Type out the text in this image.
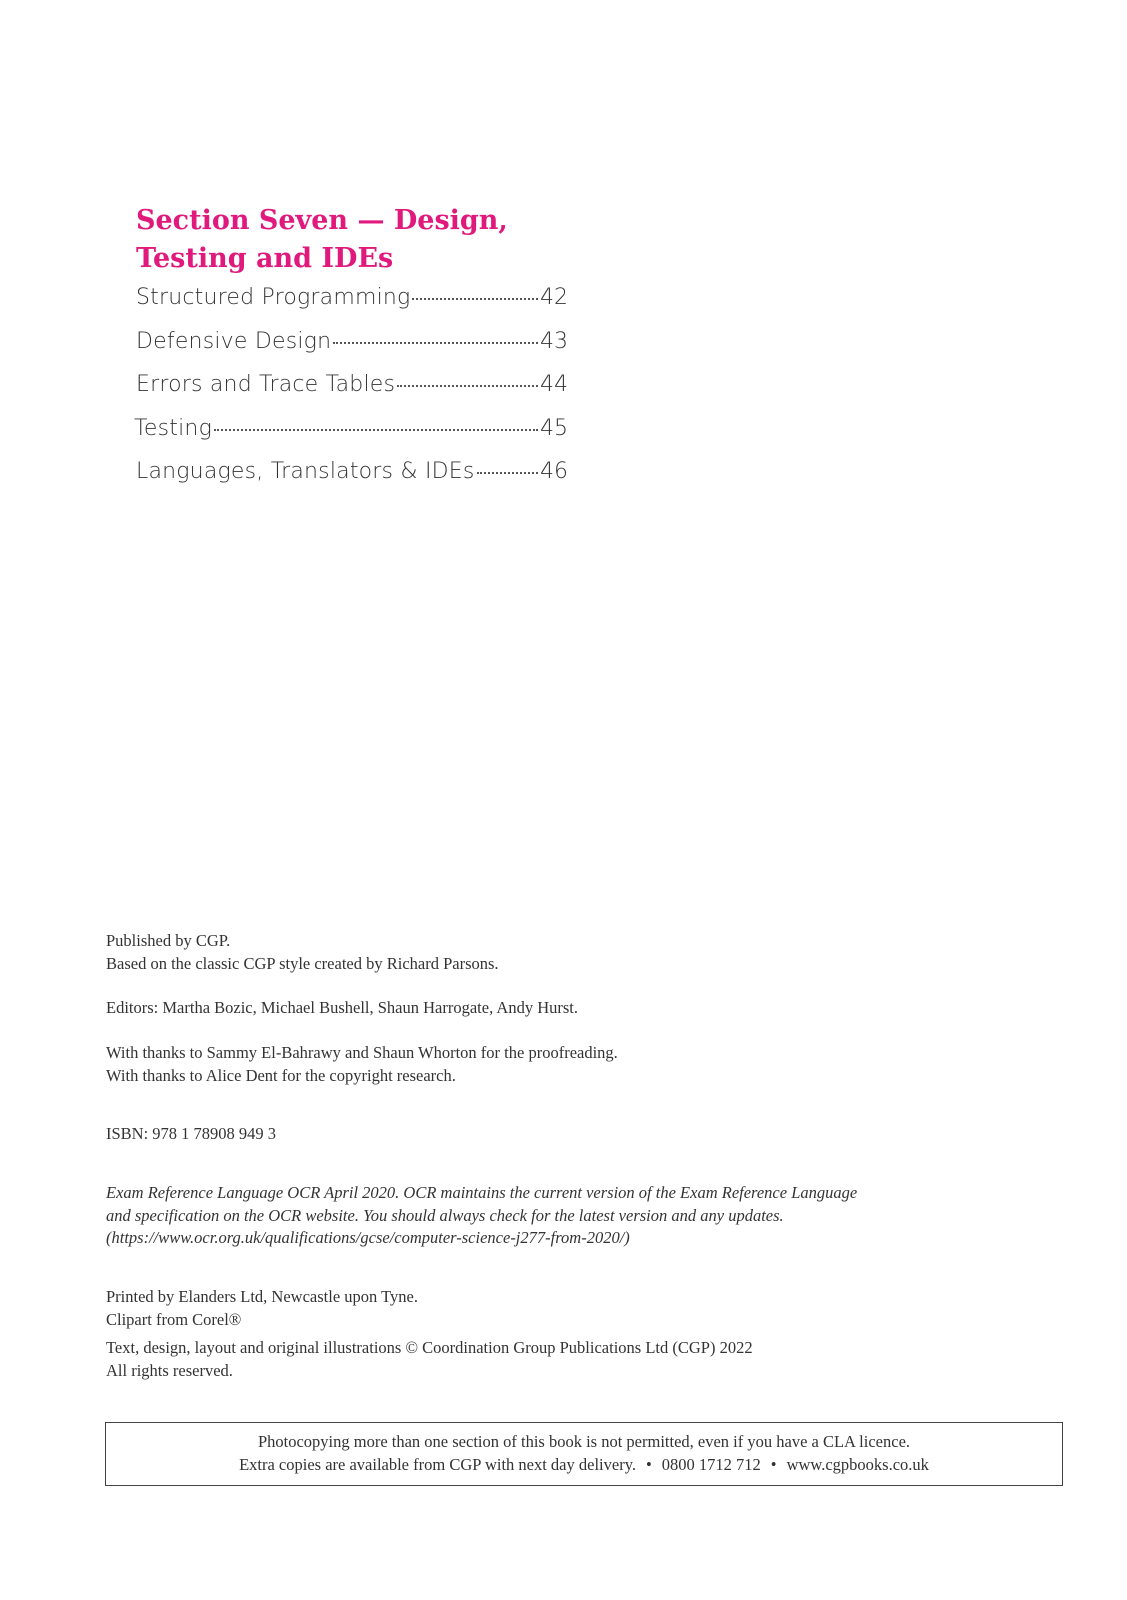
Section Seven — Design,
Testing and IDEs
Structured Programming	42
Defensive Design	43
Errors and Trace Tables	44
Testing	45
Languages, Translators & IDEs	46

Published by CGP.

Based on the classic CGP style created by Richard Parsons.

Editors: Martha Bozic, Michael Bushell, Shaun Harrogate, Andy Hurst.

With thanks to Sammy El-Bahrawy and Shaun Whorton for the proofreading.

With thanks to Alice Dent for the copyright research.

ISBN: 978 1 78908 949 3

Exam Reference Language OCR April 2020. OCR maintains the current version of the Exam Reference Language

and specification on the OCR website. You should always check for the latest version and any updates.

(https://www.ocr.org.uk/qualifications/gcse/computer-science-j277-from-2020/)

Printed by Elanders Ltd, Newcastle upon Tyne.

Clipart from Corel®

Text, design, layout and original illustrations © Coordination Group Publications Ltd (CGP) 2022

All rights reserved.

Photocopying more than one section of this book is not permitted, even if you have a CLA licence.

Extra copies are available from CGP with next day delivery. • 0800 1712 712 • www.cgpbooks.co.uk
